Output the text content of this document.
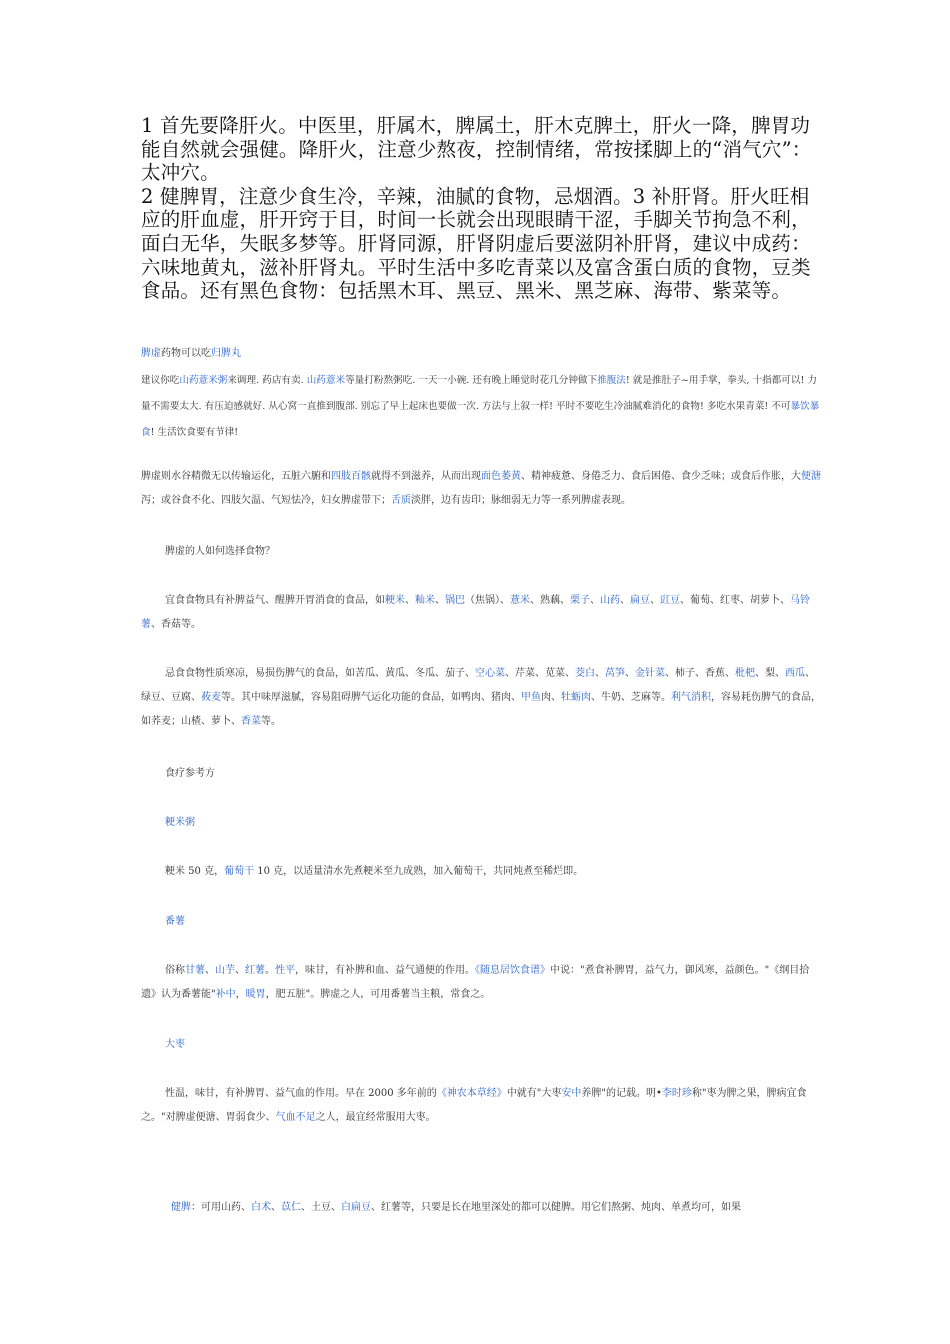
1 首先要降肝火。中医里，肝属木，脾属土，肝木克脾土，肝火一降，脾胃功能自然就会强健。降肝火，注意少熬夜，控制情绪，常按揉脚上的“消气穴”：太冲穴。

2 健脾胃，注意少食生冷，辛辣，油腻的食物，忌烟酒。3 补肝肾。肝火旺相应的肝血虚，肝开窍于目，时间一长就会出现眼睛干涩，手脚关节拘急不利，面白无华，失眠多梦等。肝肾同源，肝肾阴虚后要滋阴补肝肾，建议中成药：六味地黄丸，滋补肝肾丸。平时生活中多吃青菜以及富含蛋白质的食物，豆类食品。还有黑色食物：包括黑木耳、黑豆、黑米、黑芝麻、海带、紫菜等。

脾虚药物可以吃归脾丸
建议你吃山药薏米粥来调理. 药店有卖. 山药薏米等量打粉熬粥吃. 一天一小碗. 还有晚上睡觉时花几分钟做下推腹法! 就是推肚子~用手掌，拳头, 十指都可以! 力量不需要太大. 有压迫感就好. 从心窝一直推到腹部. 别忘了早上起床也要做一次. 方法与上叙一样! 平时不要吃生冷油腻难消化的食物! 多吃水果青菜! 不可暴饮暴食! 生活饮食要有节律!
脾虚则水谷精微无以传输运化，五脏六腑和四肢百骸就得不到滋养，从而出现面色萎黄、精神疲惫、身倦乏力、食后困倦、食少乏味；或食后作胀，大便溏泻；或谷食不化、四肢欠温、气短怯冷，妇女脾虚带下；舌质淡胖，边有齿印；脉细弱无力等一系列脾虚表现。
脾虚的人如何选择食物？
宜食食物具有补脾益气、醒脾开胃消食的食品，如粳米、籼米、锅巴（焦锅）、薏米、熟藕、栗子、山药、扁豆、豇豆、葡萄、红枣、胡萝卜、马铃薯、香菇等。
忌食食物性质寒凉，易损伤脾气的食品，如苦瓜、黄瓜、冬瓜、茄子、空心菜、芹菜、苋菜、茭白、莴笋、金针菜、柿子、香蕉、枇杷、梨、西瓜、绿豆、豆腐、莜麦等。其中味厚滋腻，容易阻碍脾气运化功能的食品，如鸭肉、猪肉、甲鱼肉、牡蛎肉、牛奶、芝麻等。利气消积，容易耗伤脾气的食品，如荞麦；山楂、萝卜、香菜等。
食疗参考方
粳米粥
粳米 50 克，葡萄干 10 克，以适量清水先煮粳米至九成熟，加入葡萄干，共同炖煮至稀烂即。
番薯
俗称甘薯、山芋、红薯。性平，味甘，有补脾和血、益气通便的作用。《随息居饮食谱》中说："煮食补脾胃，益气力，御风寒，益颜色。"《纲目拾遗》认为番薯能"补中，暖胃，肥五脏"。脾虚之人，可用番薯当主粮，常食之。
大枣
性温，味甘，有补脾胃、益气血的作用。早在 2000 多年前的《神农本草经》中就有"大枣安中养脾"的记载。明•李时珍称"枣为脾之果，脾病宜食之。"对脾虚便溏、胃弱食少、气血不足之人，最宜经常服用大枣。
健脾：可用山药、白术、苡仁、土豆、白扁豆、红薯等，只要是长在地里深处的都可以健脾。用它们熬粥、炖肉、单煮均可，如果
